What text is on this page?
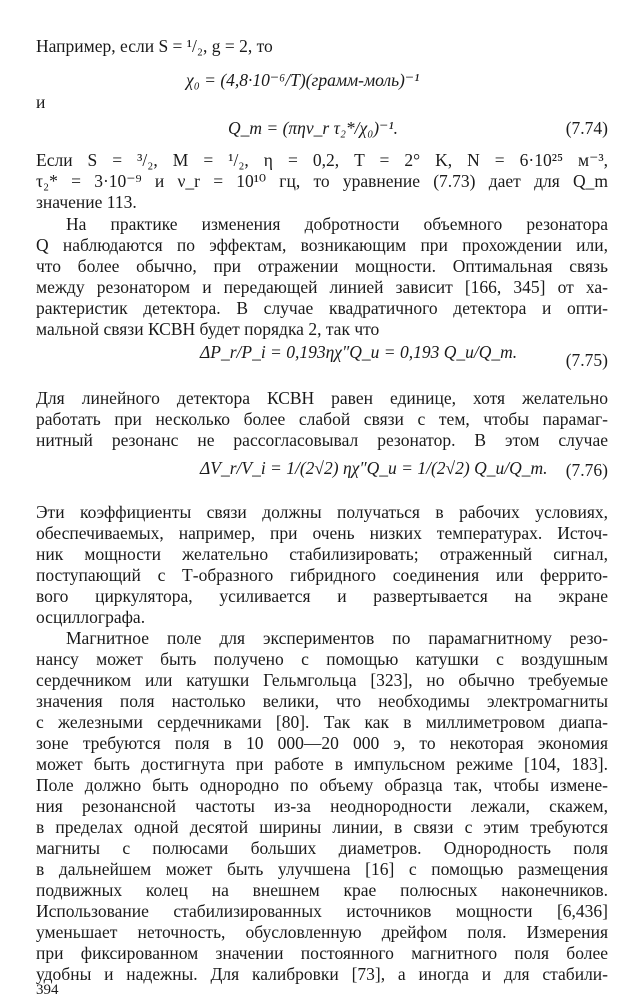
Например, если S = ¹/₂, g = 2, то
χ₀ = (4,8·10⁻⁶/T)(грамм-моль)⁻¹
и
Q_m = (πην_r τ₂*/χ₀)⁻¹.	(7.74)
Если S = ³/₂, M = ¹/₂, η = 0,2, T = 2° K, N = 6·10²⁵ м⁻³,
τ₂* = 3·10⁻⁹ и ν_r = 10¹⁰ гц, то уравнение (7.73) дает для Q_m
значение 113.
На практике изменения добротности объемного резонатора
Q наблюдаются по эффектам, возникающим при прохождении или,
что более обычно, при отражении мощности. Оптимальная связь
между резонатором и передающей линией зависит [166, 345] от ха-
рактеристик детектора. В случае квадратичного детектора и опти-
мальной связи КСВН будет порядка 2, так что
ΔP_r/P_i = 0,193ηχ″Q_u = 0,193 Q_u/Q_m.	(7.75)
Для линейного детектора КСВН равен единице, хотя желательно
работать при несколько более слабой связи с тем, чтобы парамаг-
нитный резонанс не рассогласовывал резонатор. В этом случае
ΔV_r/V_i = 1/(2√2) ηχ″Q_u = 1/(2√2) Q_u/Q_m. (7.76)
Эти коэффициенты связи должны получаться в рабочих условиях,
обеспечиваемых, например, при очень низких температурах. Источ-
ник мощности желательно стабилизировать; отраженный сигнал,
поступающий с Т-образного гибридного соединения или феррито-
вого циркулятора, усиливается и развертывается на экране
осциллографа.
Магнитное поле для экспериментов по парамагнитному резо-
нансу может быть получено с помощью катушки с воздушным
сердечником или катушки Гельмгольца [323], но обычно требуемые
значения поля настолько велики, что необходимы электромагниты
с железными сердечниками [80]. Так как в миллиметровом диапа-
зоне требуются поля в 10 000—20 000 э, то некоторая экономия
может быть достигнута при работе в импульсном режиме [104, 183].
Поле должно быть однородно по объему образца так, чтобы измене-
ния резонансной частоты из-за неоднородности лежали, скажем,
в пределах одной десятой ширины линии, в связи с этим требуются
магниты с полюсами больших диаметров. Однородность поля
в дальнейшем может быть улучшена [16] с помощью размещения
подвижных колец на внешнем крае полюсных наконечников.
Использование стабилизированных источников мощности [6,436]
уменьшает неточность, обусловленную дрейфом поля. Измерения
при фиксированном значении постоянного магнитного поля более
удобны и надежны. Для калибровки [73], а иногда и для стабили-
394
